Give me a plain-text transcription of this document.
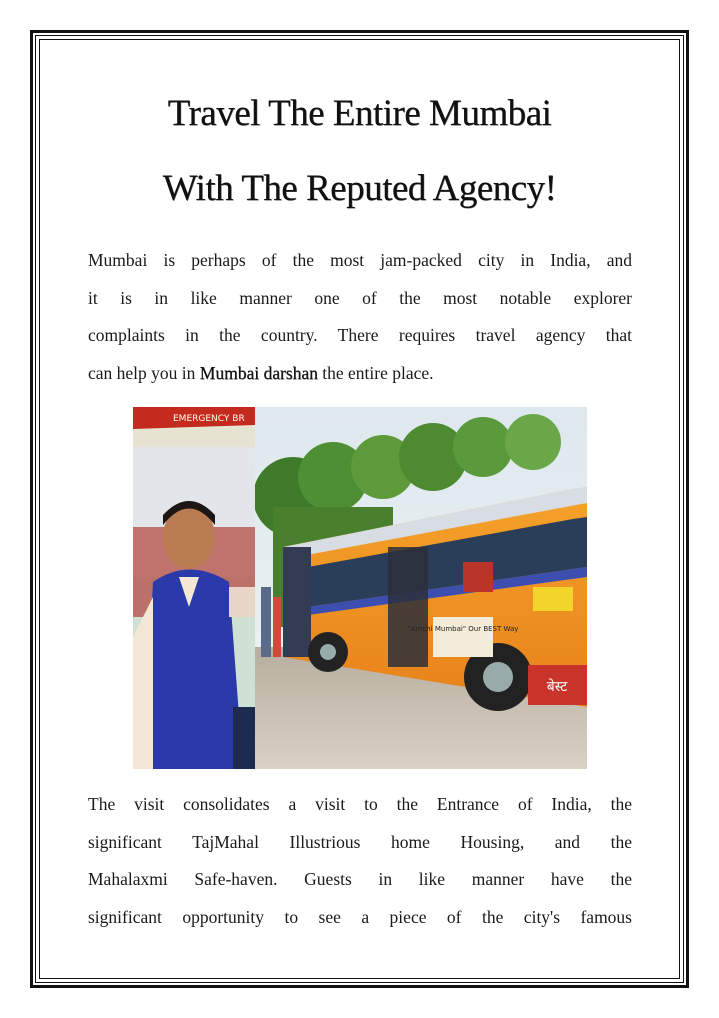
Travel The Entire Mumbai
With The Reputed Agency!
Mumbai is perhaps of the most jam-packed city in India, and
it is in like manner one of the most notable explorer
complaints in the country. There requires travel agency that
can help you in Mumbai darshan the entire place.
"Amchi Mumbai" Our BEST Way
बेस्ट
EMERGENCY BR
The visit consolidates a visit to the Entrance of India, the
significant TajMahal Illustrious home Housing, and the
Mahalaxmi Safe-haven. Guests in like manner have the
significant opportunity to see a piece of the city's famous
